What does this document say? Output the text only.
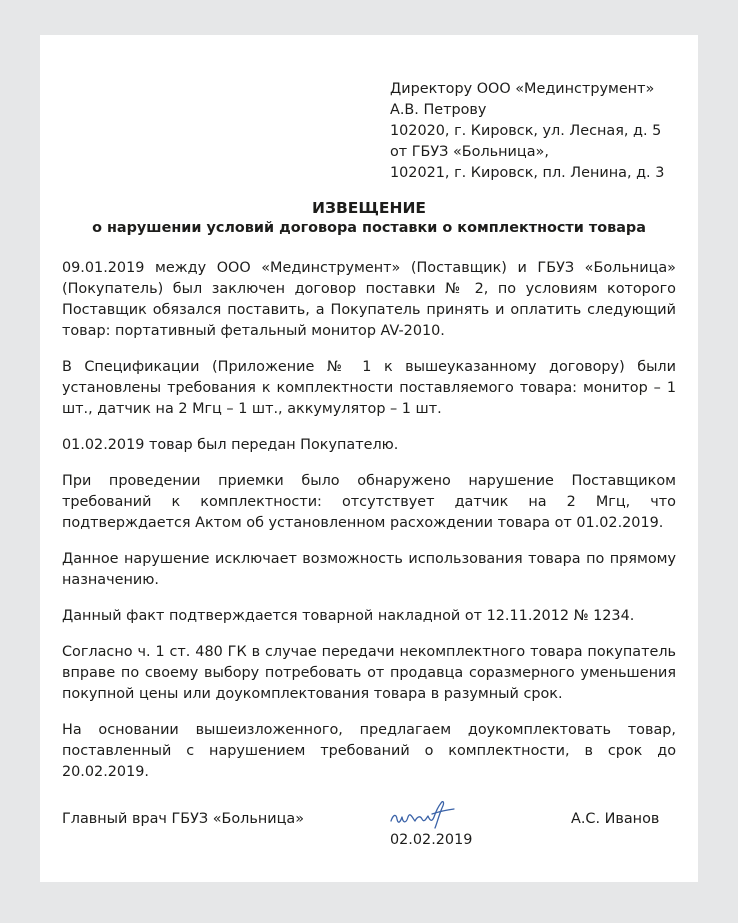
Директору ООО «Мединструмент»
А.В. Петрову
102020, г. Кировск, ул. Лесная, д. 5
от ГБУЗ «Больница»,
102021, г. Кировск, пл. Ленина, д. 3
ИЗВЕЩЕНИЕ
о нарушении условий договора поставки о комплектности товара

09.01.2019 между ООО «Мединструмент» (Поставщик) и ГБУЗ «Больница» (Покупатель) был заключен договор поставки № 2, по условиям которого Поставщик обязался поставить, а Покупатель принять и оплатить следующий товар: портативный фетальный монитор AV-2010.

В Спецификации (Приложение № 1 к вышеуказанному договору) были установлены требования к комплектности поставляемого товара: монитор – 1 шт., датчик на 2 Мгц – 1 шт., аккумулятор – 1 шт.

01.02.2019 товар был передан Покупателю.

При проведении приемки было обнаружено нарушение Поставщиком требований к комплектности: отсутствует датчик на 2 Мгц, что подтверждается Актом об установленном расхождении товара от 01.02.2019.

Данное нарушение исключает возможность использования товара по прямому назначению.

Данный факт подтверждается товарной накладной от 12.11.2012 № 1234.

Согласно ч. 1 ст. 480 ГК в случае передачи некомплектного товара покупатель вправе по своему выбору потребовать от продавца соразмерного уменьшения покупной цены или доукомплектования товара в разумный срок.

На основании вышеизложенного, предлагаем доукомплектовать товар, поставленный с нарушением требований о комплектности, в срок до 20.02.2019.

Главный врач ГБУЗ «Больница»
02.02.2019
А.С. Иванов
